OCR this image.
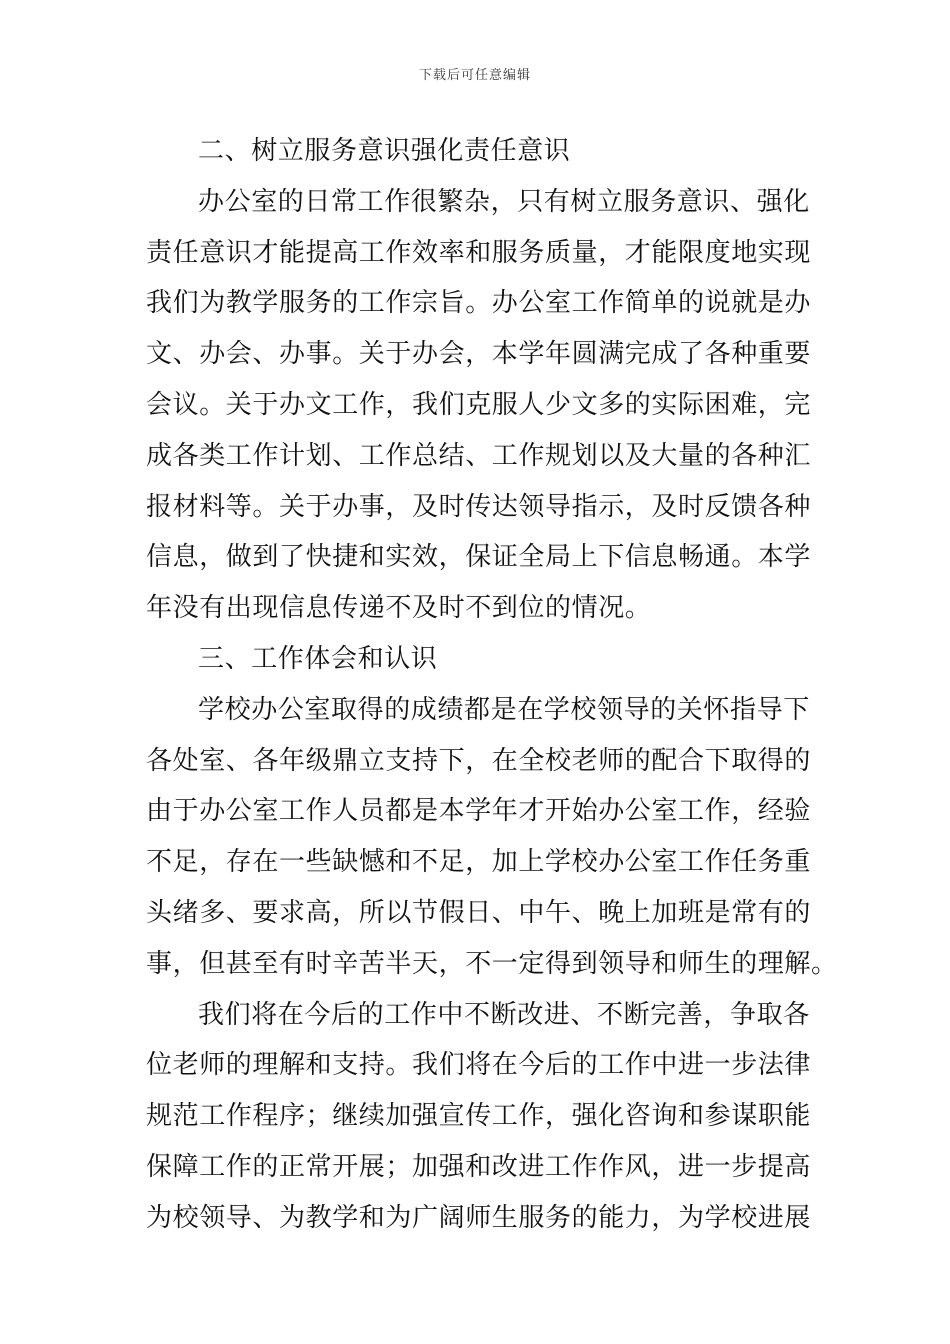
下载后可任意编辑
二、树立服务意识强化责任意识
办公室的日常工作很繁杂，只有树立服务意识、强化
责任意识才能提高工作效率和服务质量，才能限度地实现
我们为教学服务的工作宗旨。办公室工作简单的说就是办
文、办会、办事。关于办会，本学年圆满完成了各种重要
会议。关于办文工作，我们克服人少文多的实际困难，完
成各类工作计划、工作总结、工作规划以及大量的各种汇
报材料等。关于办事，及时传达领导指示，及时反馈各种
信息，做到了快捷和实效，保证全局上下信息畅通。本学
年没有出现信息传递不及时不到位的情况。
三、工作体会和认识
学校办公室取得的成绩都是在学校领导的关怀指导下
各处室、各年级鼎立支持下，在全校老师的配合下取得的
由于办公室工作人员都是本学年才开始办公室工作，经验
不足，存在一些缺憾和不足，加上学校办公室工作任务重
头绪多、要求高，所以节假日、中午、晚上加班是常有的
事，但甚至有时辛苦半天，不一定得到领导和师生的理解。
我们将在今后的工作中不断改进、不断完善，争取各
位老师的理解和支持。我们将在今后的工作中进一步法律
规范工作程序；继续加强宣传工作，强化咨询和参谋职能
保障工作的正常开展；加强和改进工作作风，进一步提高
为校领导、为教学和为广阔师生服务的能力，为学校进展
